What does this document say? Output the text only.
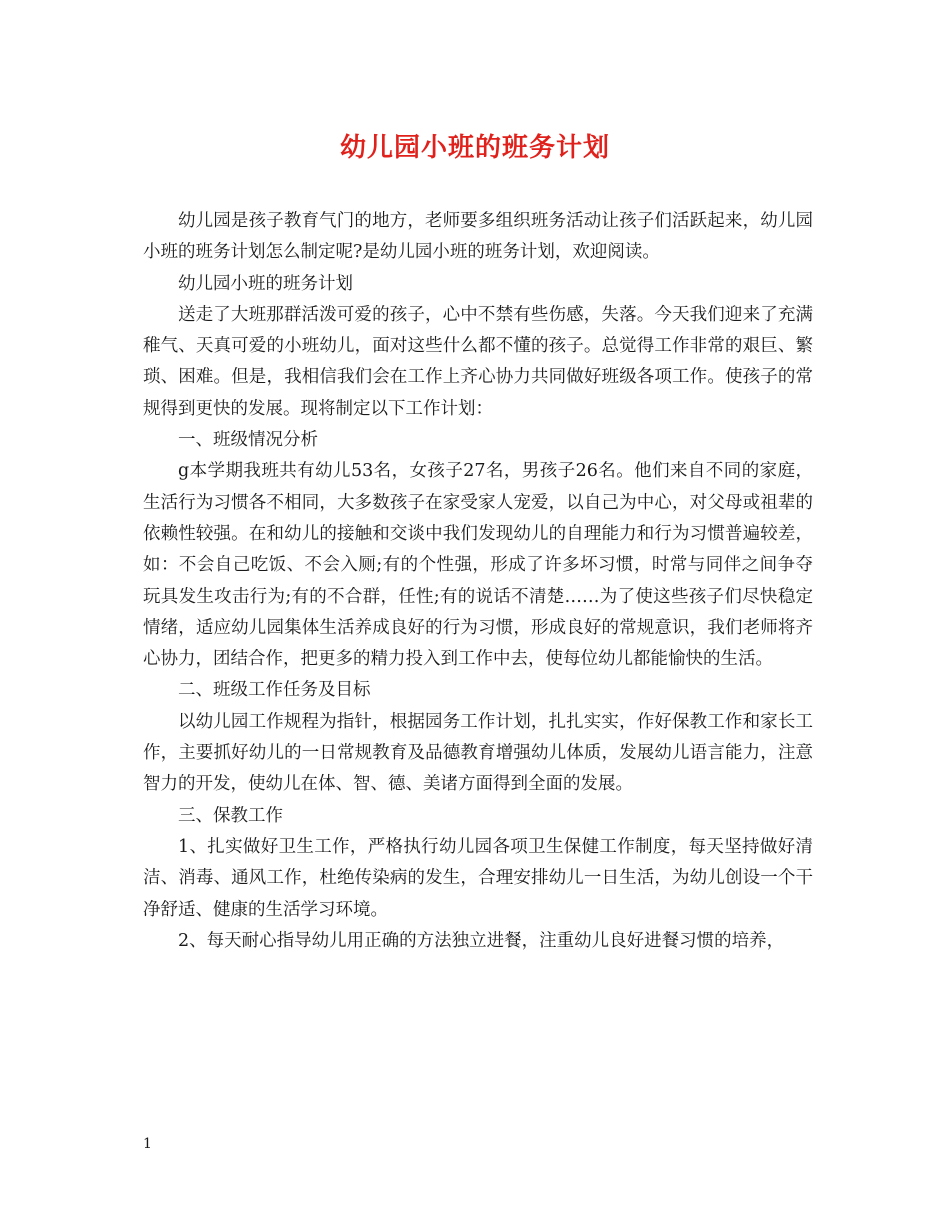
幼儿园小班的班务计划

幼儿园是孩子教育气门的地方，老师要多组织班务活动让孩子们活跃起来，幼儿园小班的班务计划怎么制定呢?是幼儿园小班的班务计划，欢迎阅读。

幼儿园小班的班务计划

送走了大班那群活泼可爱的孩子，心中不禁有些伤感，失落。今天我们迎来了充满稚气、天真可爱的小班幼儿，面对这些什么都不懂的孩子。总觉得工作非常的艰巨、繁琐、困难。但是，我相信我们会在工作上齐心协力共同做好班级各项工作。使孩子的常规得到更快的发展。现将制定以下工作计划：

一、班级情况分析

g本学期我班共有幼儿53名，女孩子27名，男孩子26名。他们来自不同的家庭，生活行为习惯各不相同，大多数孩子在家受家人宠爱，以自己为中心，对父母或祖辈的依赖性较强。在和幼儿的接触和交谈中我们发现幼儿的自理能力和行为习惯普遍较差，如：不会自己吃饭、不会入厕;有的个性强，形成了许多坏习惯，时常与同伴之间争夺玩具发生攻击行为;有的不合群，任性;有的说话不清楚……为了使这些孩子们尽快稳定情绪，适应幼儿园集体生活养成良好的行为习惯，形成良好的常规意识，我们老师将齐心协力，团结合作，把更多的精力投入到工作中去，使每位幼儿都能愉快的生活。

二、班级工作任务及目标

以幼儿园工作规程为指针，根据园务工作计划，扎扎实实，作好保教工作和家长工作，主要抓好幼儿的一日常规教育及品德教育增强幼儿体质，发展幼儿语言能力，注意智力的开发，使幼儿在体、智、德、美诸方面得到全面的发展。

三、保教工作

1、扎实做好卫生工作，严格执行幼儿园各项卫生保健工作制度，每天坚持做好清洁、消毒、通风工作，杜绝传染病的发生，合理安排幼儿一日生活，为幼儿创设一个干净舒适、健康的生活学习环境。

2、每天耐心指导幼儿用正确的方法独立进餐，注重幼儿良好进餐习惯的培养，

1
